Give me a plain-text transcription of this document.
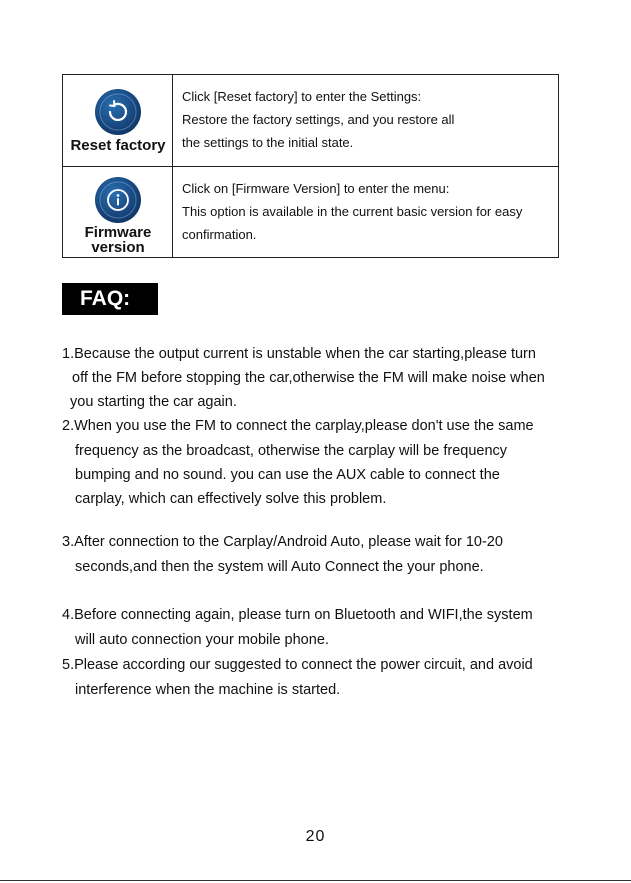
Reset factory
Click [Reset factory] to enter the Settings:
Restore the factory settings, and you restore all
the settings to the initial state.
Firmware
version
Click on [Firmware Version] to enter the menu:
This option is available in the current basic version for easy
confirmation.
FAQ:
1.Because the output current is unstable when the car starting,please turn
off the FM before stopping the car,otherwise the FM will make noise when
you starting the car again.
2.When you use the FM to connect the carplay,please don't use the same
frequency as the broadcast, otherwise the carplay will be frequency
bumping and no sound. you can use the AUX cable to connect the
carplay, which can effectively solve this problem.
3.After connection to the Carplay/Android Auto, please wait for 10-20
seconds,and then the system will Auto Connect the your phone.
4.Before connecting again, please turn on Bluetooth and WIFI,the system
will auto connection your mobile phone.
5.Please according our suggested to connect the power circuit, and avoid
interference when the machine is started.
20
